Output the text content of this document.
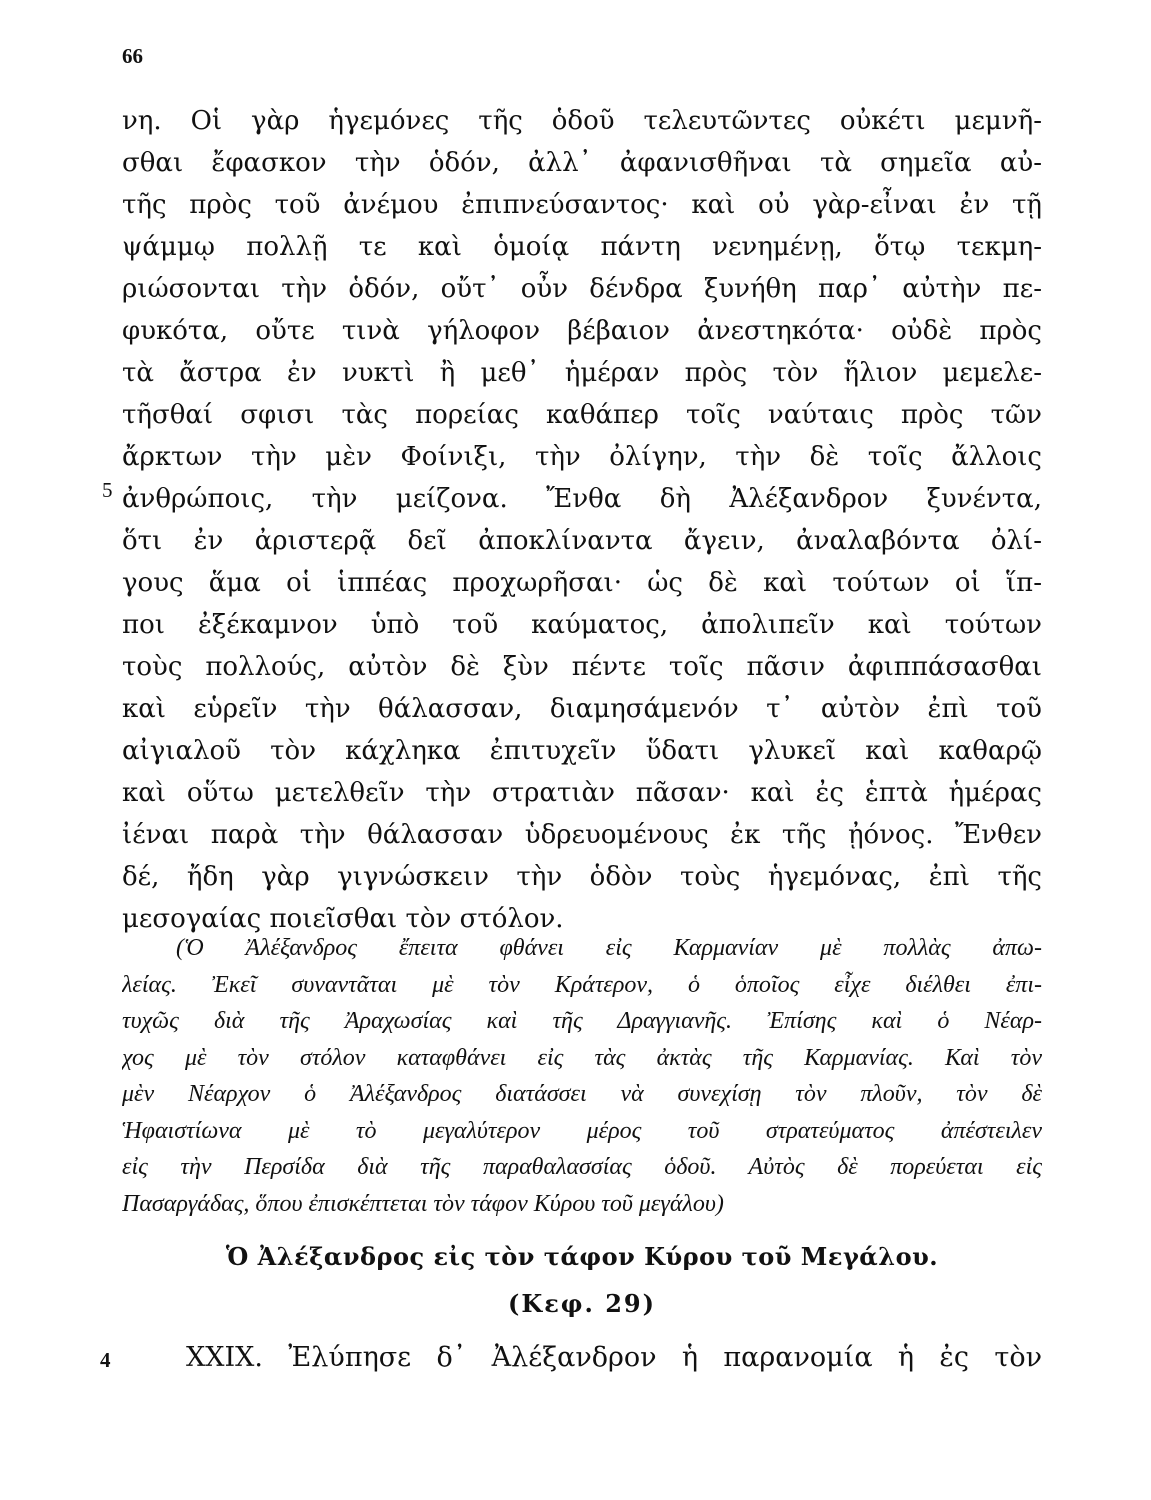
66
νη. Οἱ γὰρ ἡγεμόνες τῆς ὁδοῦ τελευτῶντες οὐκέτι μεμνῆ-
σθαι ἔφασκον τὴν ὁδόν, ἀλλ᾽ ἀφανισθῆναι τὰ σημεῖα αὐ-
τῆς πρὸς τοῦ ἀνέμου ἐπιπνεύσαντος· καὶ οὐ γὰρ-εἶναι ἐν τῇ
ψάμμῳ πολλῇ τε καὶ ὁμοίᾳ πάντη νενημένῃ, ὅτῳ τεκμη-
ριώσονται τὴν ὁδόν, οὔτ᾽ οὖν δένδρα ξυνήθη παρ᾽ αὐτὴν πε-
φυκότα, οὔτε τινὰ γήλοφον βέβαιον ἀνεστηκότα· οὐδὲ πρὸς
τὰ ἄστρα ἐν νυκτὶ ἢ μεθ᾽ ἡμέραν πρὸς τὸν ἥλιον μεμελε-
τῆσθαί σφισι τὰς πορείας καθάπερ τοῖς ναύταις πρὸς τῶν
ἄρκτων τὴν μὲν Φοίνιξι, τὴν ὀλίγην, τὴν δὲ τοῖς ἄλλοις
ἀνθρώποις, τὴν μείζονα. Ἔνθα δὴ Ἀλέξανδρον ξυνέντα,
ὅτι ἐν ἀριστερᾷ δεῖ ἀποκλίναντα ἄγειν, ἀναλαβόντα ὀλί-
γους ἅμα οἱ ἱππέας προχωρῆσαι· ὡς δὲ καὶ τούτων οἱ ἵπ-
ποι ἐξέκαμνον ὑπὸ τοῦ καύματος, ἀπολιπεῖν καὶ τούτων
τοὺς πολλούς, αὐτὸν δὲ ξὺν πέντε τοῖς πᾶσιν ἀφιππάσασθαι
καὶ εὑρεῖν τὴν θάλασσαν, διαμησάμενόν τ᾽ αὐτὸν ἐπὶ τοῦ
αἰγιαλοῦ τὸν κάχληκα ἐπιτυχεῖν ὕδατι γλυκεῖ καὶ καθαρῷ
καὶ οὕτω μετελθεῖν τὴν στρατιὰν πᾶσαν· καὶ ἐς ἑπτὰ ἡμέρας
ἰέναι παρὰ τὴν θάλασσαν ὑδρευομένους ἐκ τῆς ᾐόνος. Ἔνθεν
δέ, ἤδη γὰρ γιγνώσκειν τὴν ὁδὸν τοὺς ἡγεμόνας, ἐπὶ τῆς
μεσογαίας ποιεῖσθαι τὸν στόλον.
5
(Ὁ Ἀλέξανδρος ἔπειτα φθάνει εἰς Καρμανίαν μὲ πολλὰς ἀπω-
λείας. Ἐκεῖ συναντᾶται μὲ τὸν Κράτερον, ὁ ὁποῖος εἶχε διέλθει ἐπι-
τυχῶς διὰ τῆς Ἀραχωσίας καὶ τῆς Δραγγιανῆς. Ἐπίσης καὶ ὁ Νέαρ-
χος μὲ τὸν στόλον καταφθάνει εἰς τὰς ἀκτὰς τῆς Καρμανίας. Καὶ τὸν
μὲν Νέαρχον ὁ Ἀλέξανδρος διατάσσει νὰ συνεχίσῃ τὸν πλοῦν, τὸν δὲ
Ἡφαιστίωνα μὲ τὸ μεγαλύτερον μέρος τοῦ στρατεύματος ἀπέστειλεν
εἰς τὴν Περσίδα διὰ τῆς παραθαλασσίας ὁδοῦ. Αὐτὸς δὲ πορεύεται εἰς
Πασαργάδας, ὅπου ἐπισκέπτεται τὸν τάφον Κύρου τοῦ μεγάλου)
Ὁ Ἀλέξανδρος εἰς τὸν τάφον Κύρου τοῦ Μεγάλου.
(Κεφ. 29)
4	XXIX. Ἐλύπησε δ᾽ Ἀλέξανδρον ἡ παρανομία ἡ ἐς τὸν
